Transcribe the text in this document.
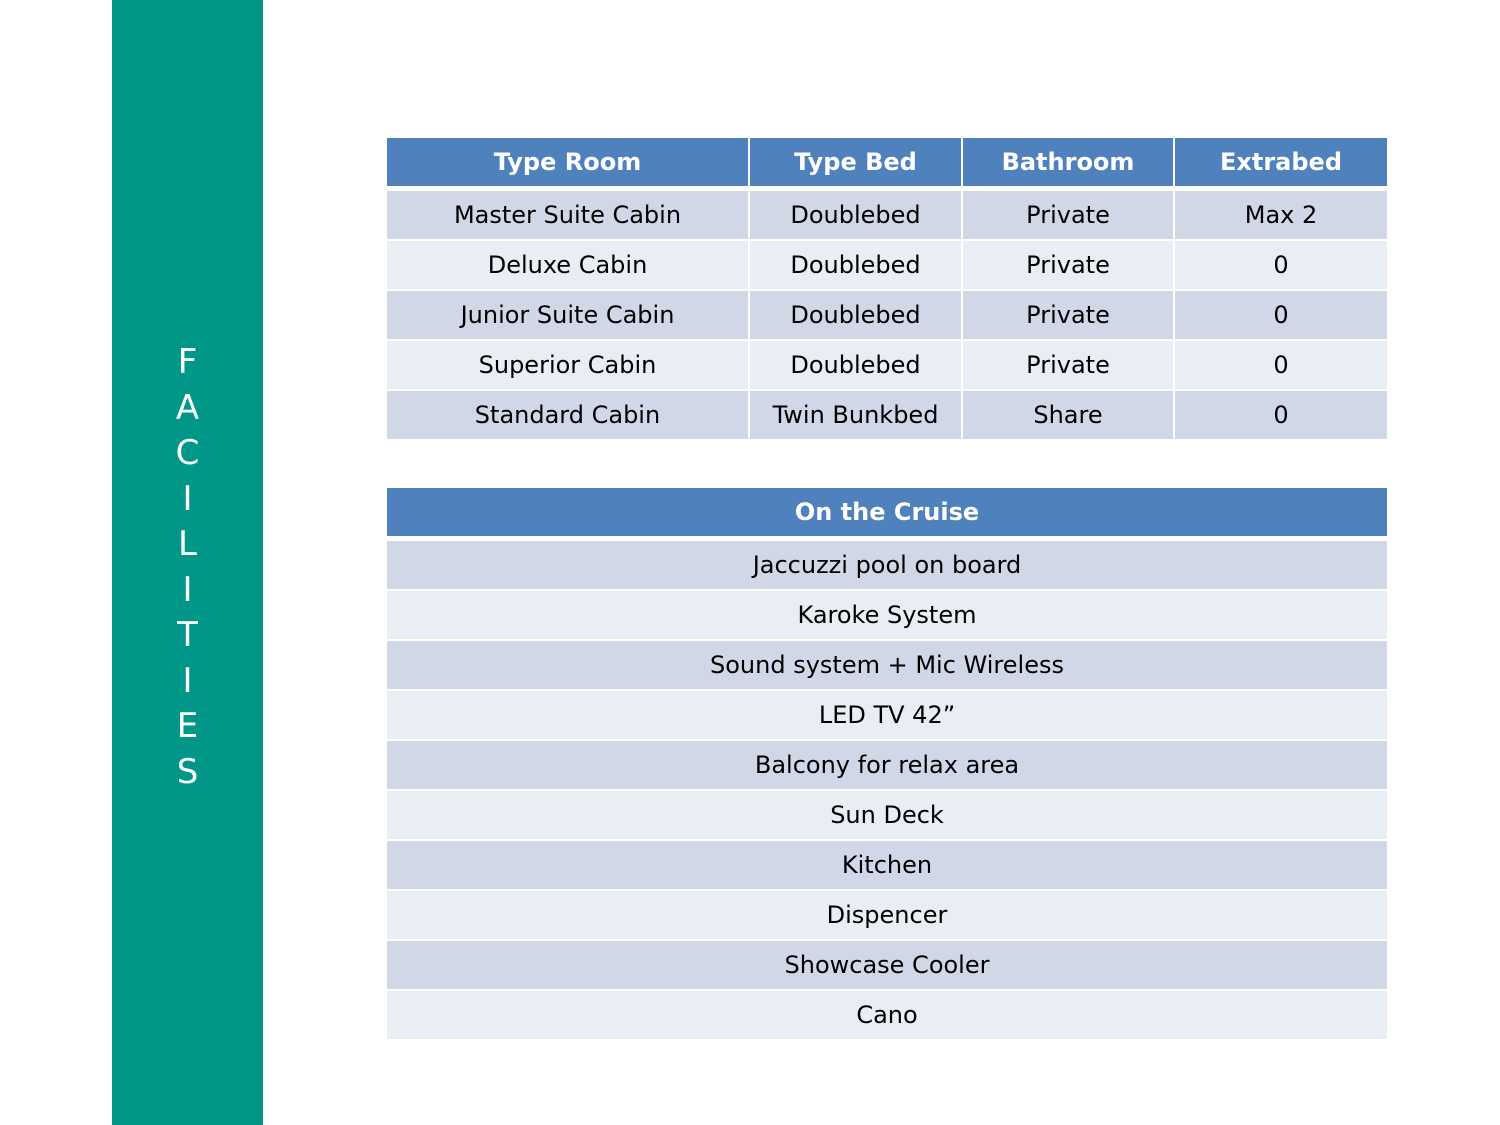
F
A
C
I
L
I
T
I
E
S
Type Room	Type Bed	Bathroom	Extrabed
Master Suite Cabin	Doublebed	Private	Max 2
Deluxe Cabin	Doublebed	Private	0
Junior Suite Cabin	Doublebed	Private	0
Superior Cabin	Doublebed	Private	0
Standard Cabin	Twin Bunkbed	Share	0
On the Cruise
Jaccuzzi pool on board
Karoke System
Sound system + Mic Wireless
LED TV 42”
Balcony for relax area
Sun Deck
Kitchen
Dispencer
Showcase Cooler
Cano
